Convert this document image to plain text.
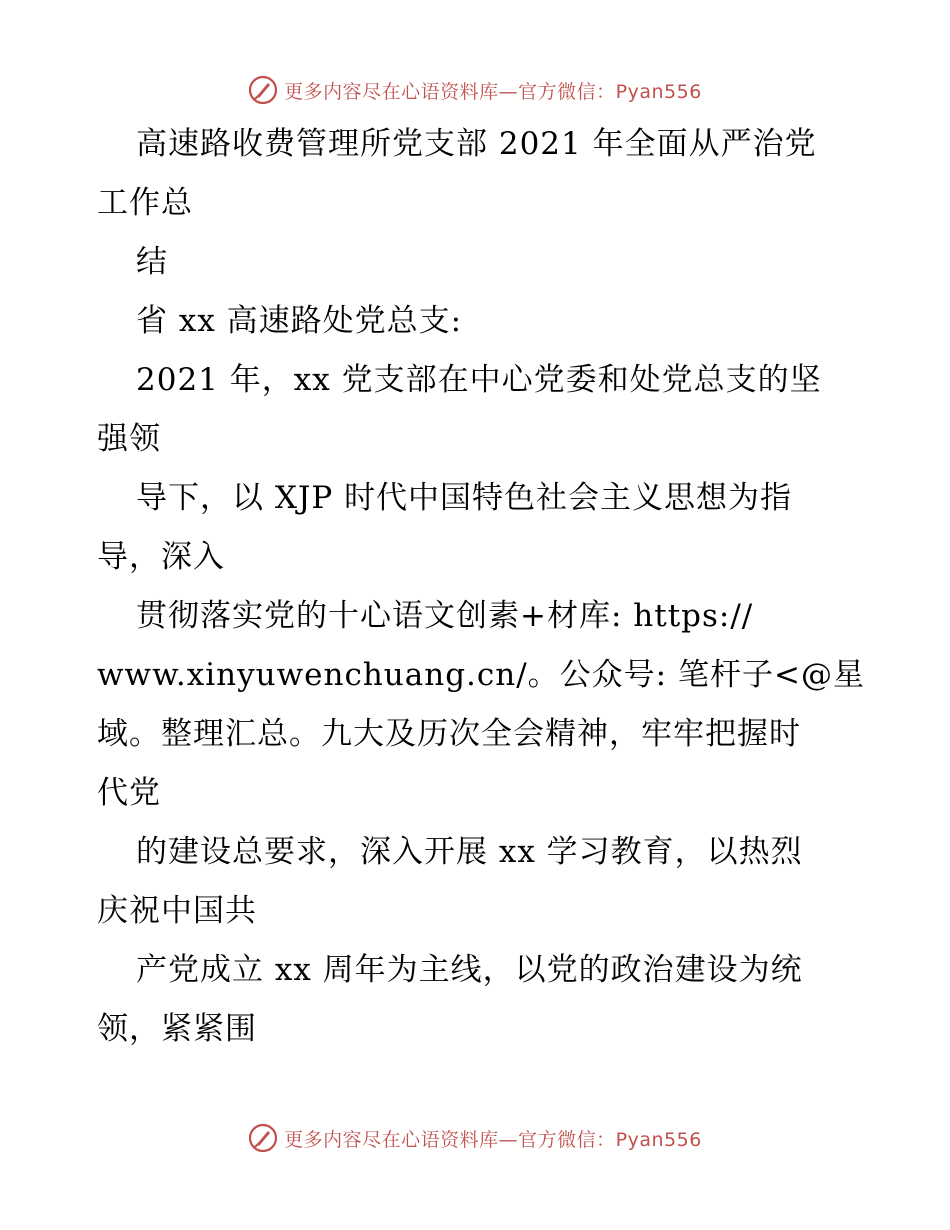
更多内容尽在心语资料库—官方微信：Pyan556
高速路收费管理所党支部 2021 年全面从严治党
工作总
结
省 xx 高速路处党总支:
2021 年，xx 党支部在中心党委和处党总支的坚
强领
导下，以 XJP 时代中国特色社会主义思想为指
导，深入
贯彻落实党的十心语文创素+材库: https://
www.xinyuwenchuang.cn/。公众号: 笔杆子<@星
域。整理汇总。九大及历次全会精神，牢牢把握时
代党
的建设总要求，深入开展 xx 学习教育，以热烈
庆祝中国共
产党成立 xx 周年为主线，以党的政治建设为统
领，紧紧围
更多内容尽在心语资料库—官方微信：Pyan556
